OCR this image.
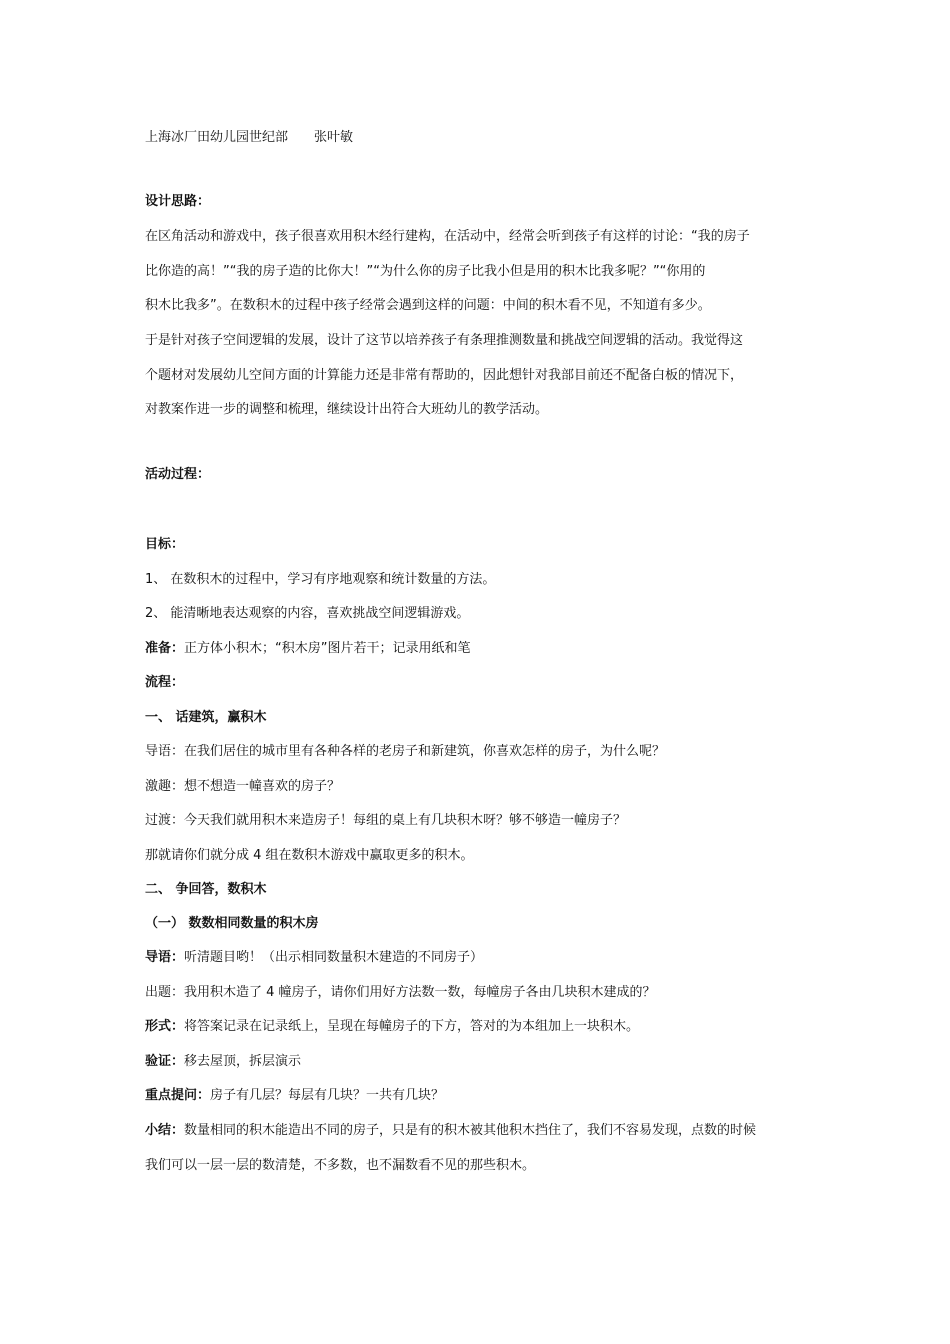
上海冰厂田幼儿园世纪部 张叶敏
设计思路：
在区角活动和游戏中，孩子很喜欢用积木经行建构，在活动中，经常会听到孩子有这样的讨论：“我的房子
比你造的高！”“我的房子造的比你大！”“为什么你的房子比我小但是用的积木比我多呢？”“你用的
积木比我多”。在数积木的过程中孩子经常会遇到这样的问题：中间的积木看不见，不知道有多少。
于是针对孩子空间逻辑的发展，设计了这节以培养孩子有条理推测数量和挑战空间逻辑的活动。我觉得这
个题材对发展幼儿空间方面的计算能力还是非常有帮助的，因此想针对我部目前还不配备白板的情况下，
对教案作进一步的调整和梳理，继续设计出符合大班幼儿的教学活动。
活动过程：
目标：
1、 在数积木的过程中，学习有序地观察和统计数量的方法。
2、 能清晰地表达观察的内容，喜欢挑战空间逻辑游戏。
准备：正方体小积木；“积木房”图片若干；记录用纸和笔
流程：
一、 话建筑，赢积木
导语：在我们居住的城市里有各种各样的老房子和新建筑，你喜欢怎样的房子，为什么呢？
激趣：想不想造一幢喜欢的房子？
过渡：今天我们就用积木来造房子！每组的桌上有几块积木呀？够不够造一幢房子？
那就请你们就分成 4 组在数积木游戏中赢取更多的积木。
二、 争回答，数积木
（一） 数数相同数量的积木房
导语：听清题目哟！（出示相同数量积木建造的不同房子）
出题：我用积木造了 4 幢房子，请你们用好方法数一数，每幢房子各由几块积木建成的？
形式：将答案记录在记录纸上，呈现在每幢房子的下方，答对的为本组加上一块积木。
验证：移去屋顶，拆层演示
重点提问：房子有几层？每层有几块？一共有几块？
小结：数量相同的积木能造出不同的房子，只是有的积木被其他积木挡住了，我们不容易发现，点数的时候
我们可以一层一层的数清楚，不多数，也不漏数看不见的那些积木。
